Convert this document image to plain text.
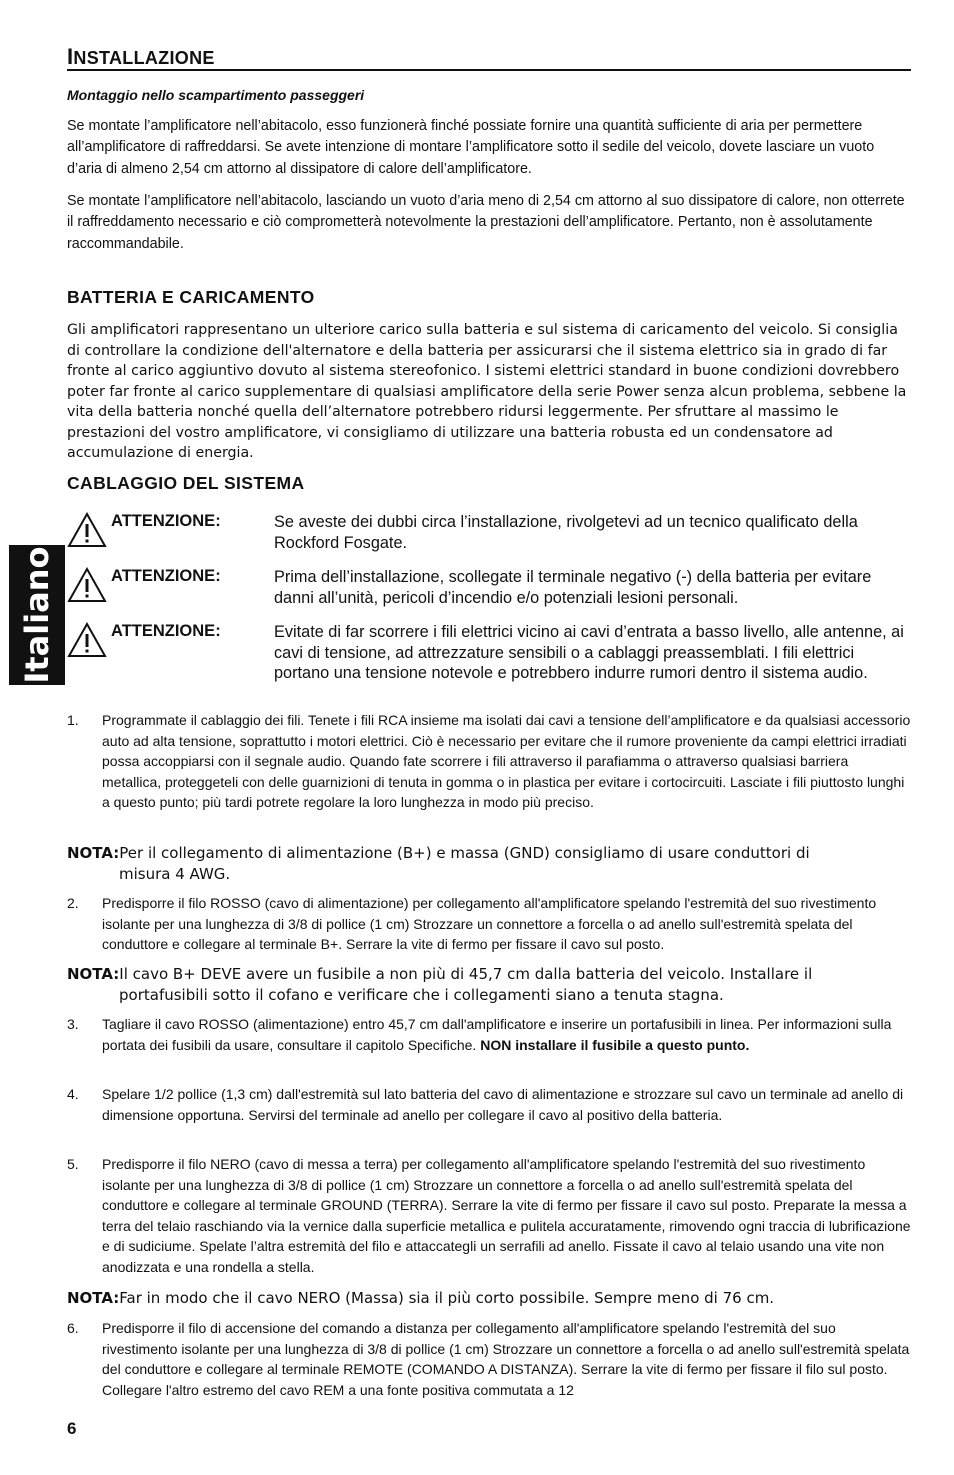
INSTALLAZIONE
Montaggio nello scampartimento passeggeri

Se montate l’amplificatore nell’abitacolo, esso funzionerà finché possiate fornire una quantità sufficiente di aria per permettere all’amplificatore di raffreddarsi. Se avete intenzione di montare l’amplificatore sotto il sedile del veicolo, dovete lasciare un vuoto d’aria di almeno 2,54 cm attorno al dissipatore di calore dell’amplificatore.

Se montate l’amplificatore nell’abitacolo, lasciando un vuoto d’aria meno di 2,54 cm attorno al suo dissipatore di calore, non otterrete il raffreddamento necessario e ciò comprometterà notevolmente la prestazioni dell’amplificatore. Pertanto, non è assolutamente raccommandabile.

BATTERIA E CARICAMENTO

Gli amplificatori rappresentano un ulteriore carico sulla batteria e sul sistema di caricamento del veicolo. Si consiglia di controllare la condizione dell'alternatore e della batteria per assicurarsi che il sistema elettrico sia in grado di far fronte al carico aggiuntivo dovuto al sistema stereofonico. I sistemi elettrici standard in buone condizioni dovrebbero poter far fronte al carico supplementare di qualsiasi amplificatore della serie Power senza alcun problema, sebbene la vita della batteria nonché quella dell’alternatore potrebbero ridursi leggermente. Per sfruttare al massimo le prestazioni del vostro amplificatore, vi consigliamo di utilizzare una batteria robusta ed un condensatore ad accumulazione di energia.

CABLAGGIO DEL SISTEMA
Italiano
ATTENZIONE:	Se aveste dei dubbi circa l’installazione, rivolgetevi ad un tecnico qualificato della Rockford Fosgate.
ATTENZIONE:	Prima dell’installazione, scollegate il terminale negativo (-) della batteria per evitare danni all’unità, pericoli d’incendio e/o potenziali lesioni personali.
ATTENZIONE:	Evitate di far scorrere i fili elettrici vicino ai cavi d’entrata a basso livello, alle antenne, ai cavi di tensione, ad attrezzature sensibili o a cablaggi preassemblati. I fili elettrici portano una tensione notevole e potrebbero indurre rumori dentro il sistema audio.
1. Programmate il cablaggio dei fili. Tenete i fili RCA insieme ma isolati dai cavi a tensione dell’amplificatore e da qualsiasi accessorio auto ad alta tensione, soprattutto i motori elettrici. Ciò è necessario per evitare che il rumore proveniente da campi elettrici irradiati possa accoppiarsi con il segnale audio. Quando fate scorrere i fili attraverso il parafiamma o attraverso qualsiasi barriera metallica, proteggeteli con delle guarnizioni di tenuta in gomma o in plastica per evitare i cortocircuiti. Lasciate i fili piuttosto lunghi a questo punto; più tardi potrete regolare la loro lunghezza in modo più preciso.
NOTA:Per il collegamento di alimentazione (B+) e massa (GND) consigliamo di usare conduttori di
misura 4 AWG.
2. Predisporre il filo ROSSO (cavo di alimentazione) per collegamento all'amplificatore spelando l'estremità del suo rivestimento isolante per una lunghezza di 3/8 di pollice (1 cm) Strozzare un connettore a forcella o ad anello sull'estremità spelata del conduttore e collegare al terminale B+. Serrare la vite di fermo per fissare il cavo sul posto.
NOTA:Il cavo B+ DEVE avere un fusibile a non più di 45,7 cm dalla batteria del veicolo. Installare il
portafusibili sotto il cofano e verificare che i collegamenti siano a tenuta stagna.
3. Tagliare il cavo ROSSO (alimentazione) entro 45,7 cm dall'amplificatore e inserire un portafusibili in linea. Per informazioni sulla portata dei fusibili da usare, consultare il capitolo Specifiche. NON installare il fusibile a questo punto.
4. Spelare 1/2 pollice (1,3 cm) dall'estremità sul lato batteria del cavo di alimentazione e strozzare sul cavo un terminale ad anello di dimensione opportuna. Servirsi del terminale ad anello per collegare il cavo al positivo della batteria.
5. Predisporre il filo NERO (cavo di messa a terra) per collegamento all'amplificatore spelando l'estremità del suo rivestimento isolante per una lunghezza di 3/8 di pollice (1 cm) Strozzare un connettore a forcella o ad anello sull'estremità spelata del conduttore e collegare al terminale GROUND (TERRA). Serrare la vite di fermo per fissare il cavo sul posto. Preparate la messa a terra del telaio raschiando via la vernice dalla superficie metallica e pulitela accuratamente, rimovendo ogni traccia di lubrificazione e di sudiciume. Spelate l’altra estremità del filo e attaccategli un serrafili ad anello. Fissate il cavo al telaio usando una vite non anodizzata e una rondella a stella.
NOTA:Far in modo che il cavo NERO (Massa) sia il più corto possibile. Sempre meno di 76 cm.
6. Predisporre il filo di accensione del comando a distanza per collegamento all'amplificatore spelando l'estremità del suo rivestimento isolante per una lunghezza di 3/8 di pollice (1 cm) Strozzare un connettore a forcella o ad anello sull'estremità spelata del conduttore e collegare al terminale REMOTE (COMANDO A DISTANZA). Serrare la vite di fermo per fissare il filo sul posto. Collegare l'altro estremo del cavo REM a una fonte positiva commutata a 12
6
